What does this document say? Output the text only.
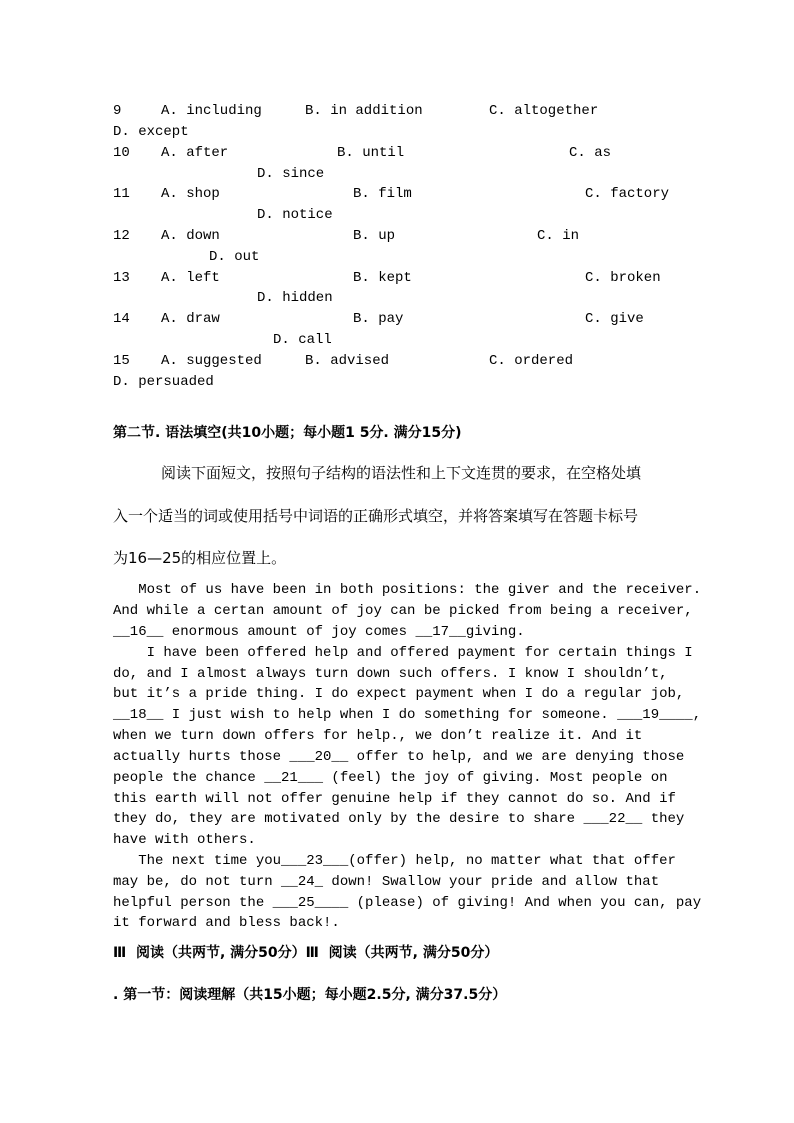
9	A. including	B. in addition	C. altogether
D. except
10 A. after	B. until	C. as
D. since
11 A. shop	B. film	C. factory
D. notice
12 A. down	B. up	C. in
D. out
13 A. left	B. kept	C. broken
D. hidden
14 A. draw	B. pay	C. give
D. call
15 A. suggested	B. advised	C. ordered
D. persuaded
第二节. 语法填空(共10小题；每小题1 5分. 满分15分)
阅读下面短文，按照句子结构的语法性和上下文连贯的要求，在空格处填
入一个适当的词或使用括号中词语的正确形式填空，并将答案填写在答题卡标号
为16—25的相应位置上。
Most of us have been in both positions: the giver and the receiver.
And while a certan amount of joy can be picked from being a receiver,
__16__ enormous amount of joy comes __17__giving.
I have been offered help and offered payment for certain things I
do, and I almost always turn down such offers. I know I shouldn’t,
but it’s a pride thing. I do expect payment when I do a regular job,
__18__ I just wish to help when I do something for someone. ___19____,
when we turn down offers for help., we don’t realize it. And it
actually hurts those ___20__ offer to help, and we are denying those
people the chance __21___ (feel) the joy of giving. Most people on
this earth will not offer genuine help if they cannot do so. And if
they do, they are motivated only by the desire to share ___22__ they
have with others.
The next time you___23___(offer) help, no matter what that offer
may be, do not turn __24_ down! Swallow your pride and allow that
helpful person the ___25____ (please) of giving! And when you can, pay
it forward and bless back!.
Ⅲ  阅读（共两节, 满分50分）Ⅲ  阅读（共两节, 满分50分）
. 第一节：阅读理解（共15小题；每小题2.5分, 满分37.5分）
